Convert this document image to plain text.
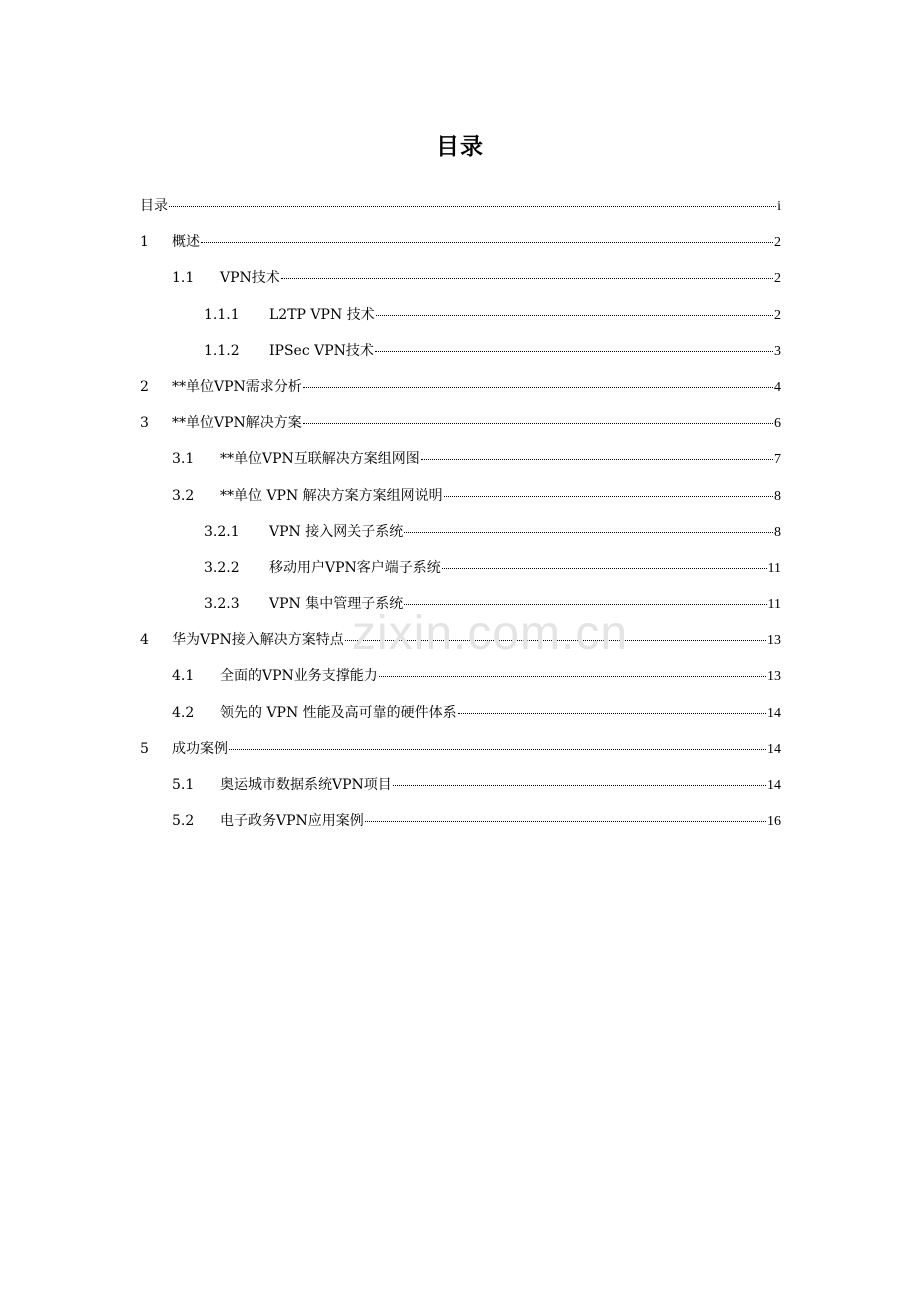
目录
目录	i
1	概述	2
1.1	VPN技术	2
1.1.1	L2TP VPN 技术	2
1.1.2	IPSec VPN技术	3
2	**单位VPN需求分析	4
3	**单位VPN解决方案	6
3.1	**单位VPN互联解决方案组网图	7
3.2	**单位 VPN 解决方案方案组网说明	8
3.2.1	VPN 接入网关子系统	8
3.2.2	移动用户VPN客户端子系统	11
3.2.3	VPN 集中管理子系统	11
4	华为VPN接入解决方案特点	13
4.1	全面的VPN业务支撑能力	13
4.2	领先的 VPN 性能及高可靠的硬件体系	14
5	成功案例	14
5.1	奥运城市数据系统VPN项目	14
5.2	电子政务VPN应用案例	16
zixin.com.cn
